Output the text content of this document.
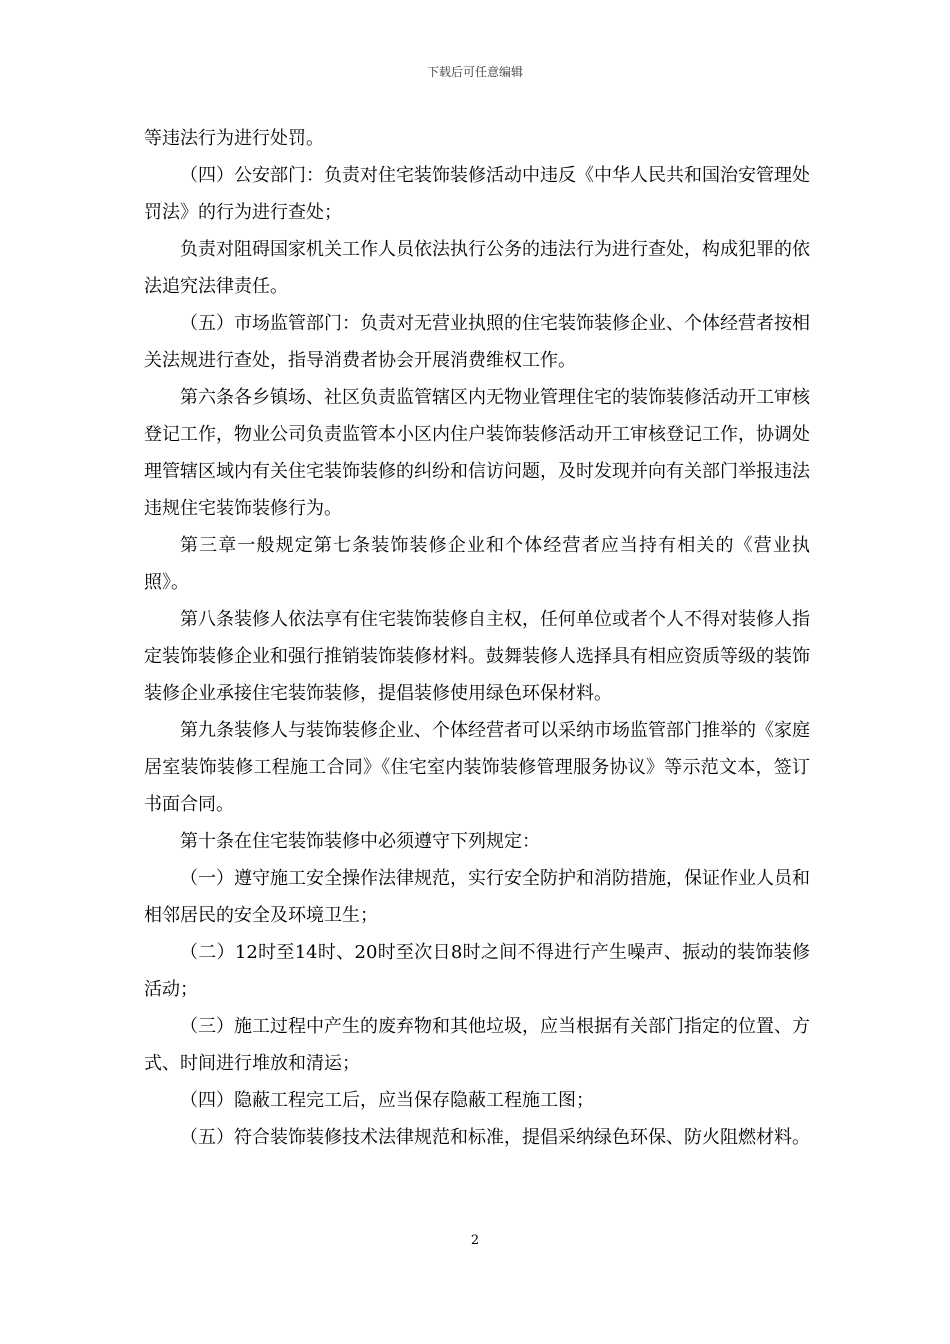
下载后可任意编辑

等违法行为进行处罚。

（四）公安部门：负责对住宅装饰装修活动中违反《中华人民共和国治安管理处罚法》的行为进行查处；

负责对阻碍国家机关工作人员依法执行公务的违法行为进行查处，构成犯罪的依法追究法律责任。

（五）市场监管部门：负责对无营业执照的住宅装饰装修企业、个体经营者按相关法规进行查处，指导消费者协会开展消费维权工作。

第六条各乡镇场、社区负责监管辖区内无物业管理住宅的装饰装修活动开工审核登记工作，物业公司负责监管本小区内住户装饰装修活动开工审核登记工作，协调处理管辖区域内有关住宅装饰装修的纠纷和信访问题，及时发现并向有关部门举报违法违规住宅装饰装修行为。

第三章一般规定第七条装饰装修企业和个体经营者应当持有相关的《营业执照》。

第八条装修人依法享有住宅装饰装修自主权，任何单位或者个人不得对装修人指定装饰装修企业和强行推销装饰装修材料。鼓舞装修人选择具有相应资质等级的装饰装修企业承接住宅装饰装修，提倡装修使用绿色环保材料。

第九条装修人与装饰装修企业、个体经营者可以采纳市场监管部门推举的《家庭居室装饰装修工程施工合同》《住宅室内装饰装修管理服务协议》等示范文本，签订书面合同。

第十条在住宅装饰装修中必须遵守下列规定：

（一）遵守施工安全操作法律规范，实行安全防护和消防措施，保证作业人员和相邻居民的安全及环境卫生；

（二）12时至14时、20时至次日8时之间不得进行产生噪声、振动的装饰装修活动；

（三）施工过程中产生的废弃物和其他垃圾，应当根据有关部门指定的位置、方式、时间进行堆放和清运；

（四）隐蔽工程完工后，应当保存隐蔽工程施工图；

（五）符合装饰装修技术法律规范和标准，提倡采纳绿色环保、防火阻燃材料。

2
